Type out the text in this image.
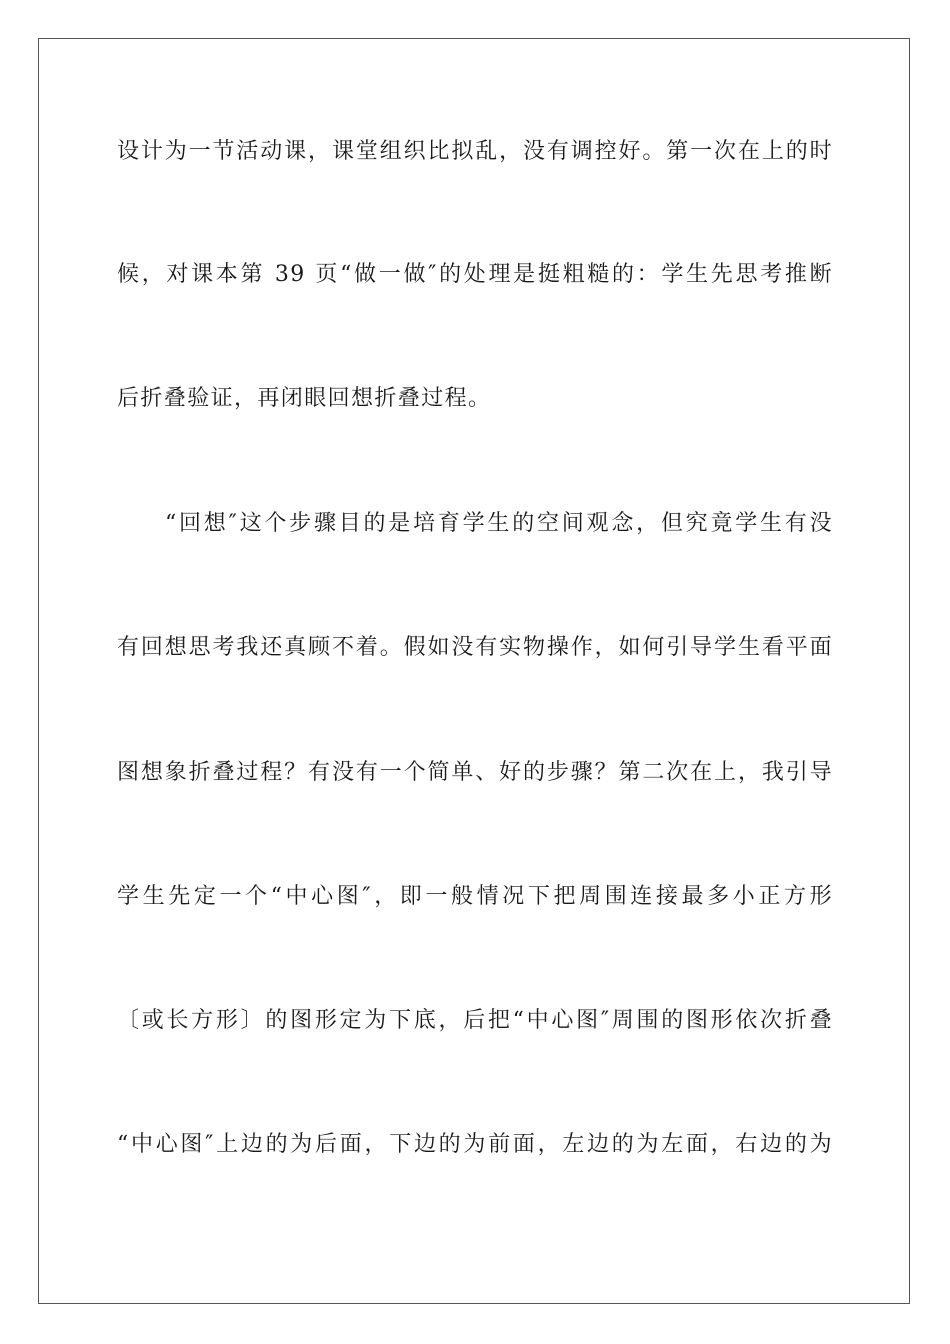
设计为一节活动课，课堂组织比拟乱，没有调控好。第一次在上的时
候，对课本第 39 页“做一做″的处理是挺粗糙的：学生先思考推断
后折叠验证，再闭眼回想折叠过程。
“回想″这个步骤目的是培育学生的空间观念，但究竟学生有没
有回想思考我还真顾不着。假如没有实物操作，如何引导学生看平面
图想象折叠过程？有没有一个简单、好的步骤？第二次在上，我引导
学生先定一个“中心图″，即一般情况下把周围连接最多小正方形
〔或长方形〕的图形定为下底，后把“中心图″周围的图形依次折叠
“中心图″上边的为后面，下边的为前面，左边的为左面，右边的为
